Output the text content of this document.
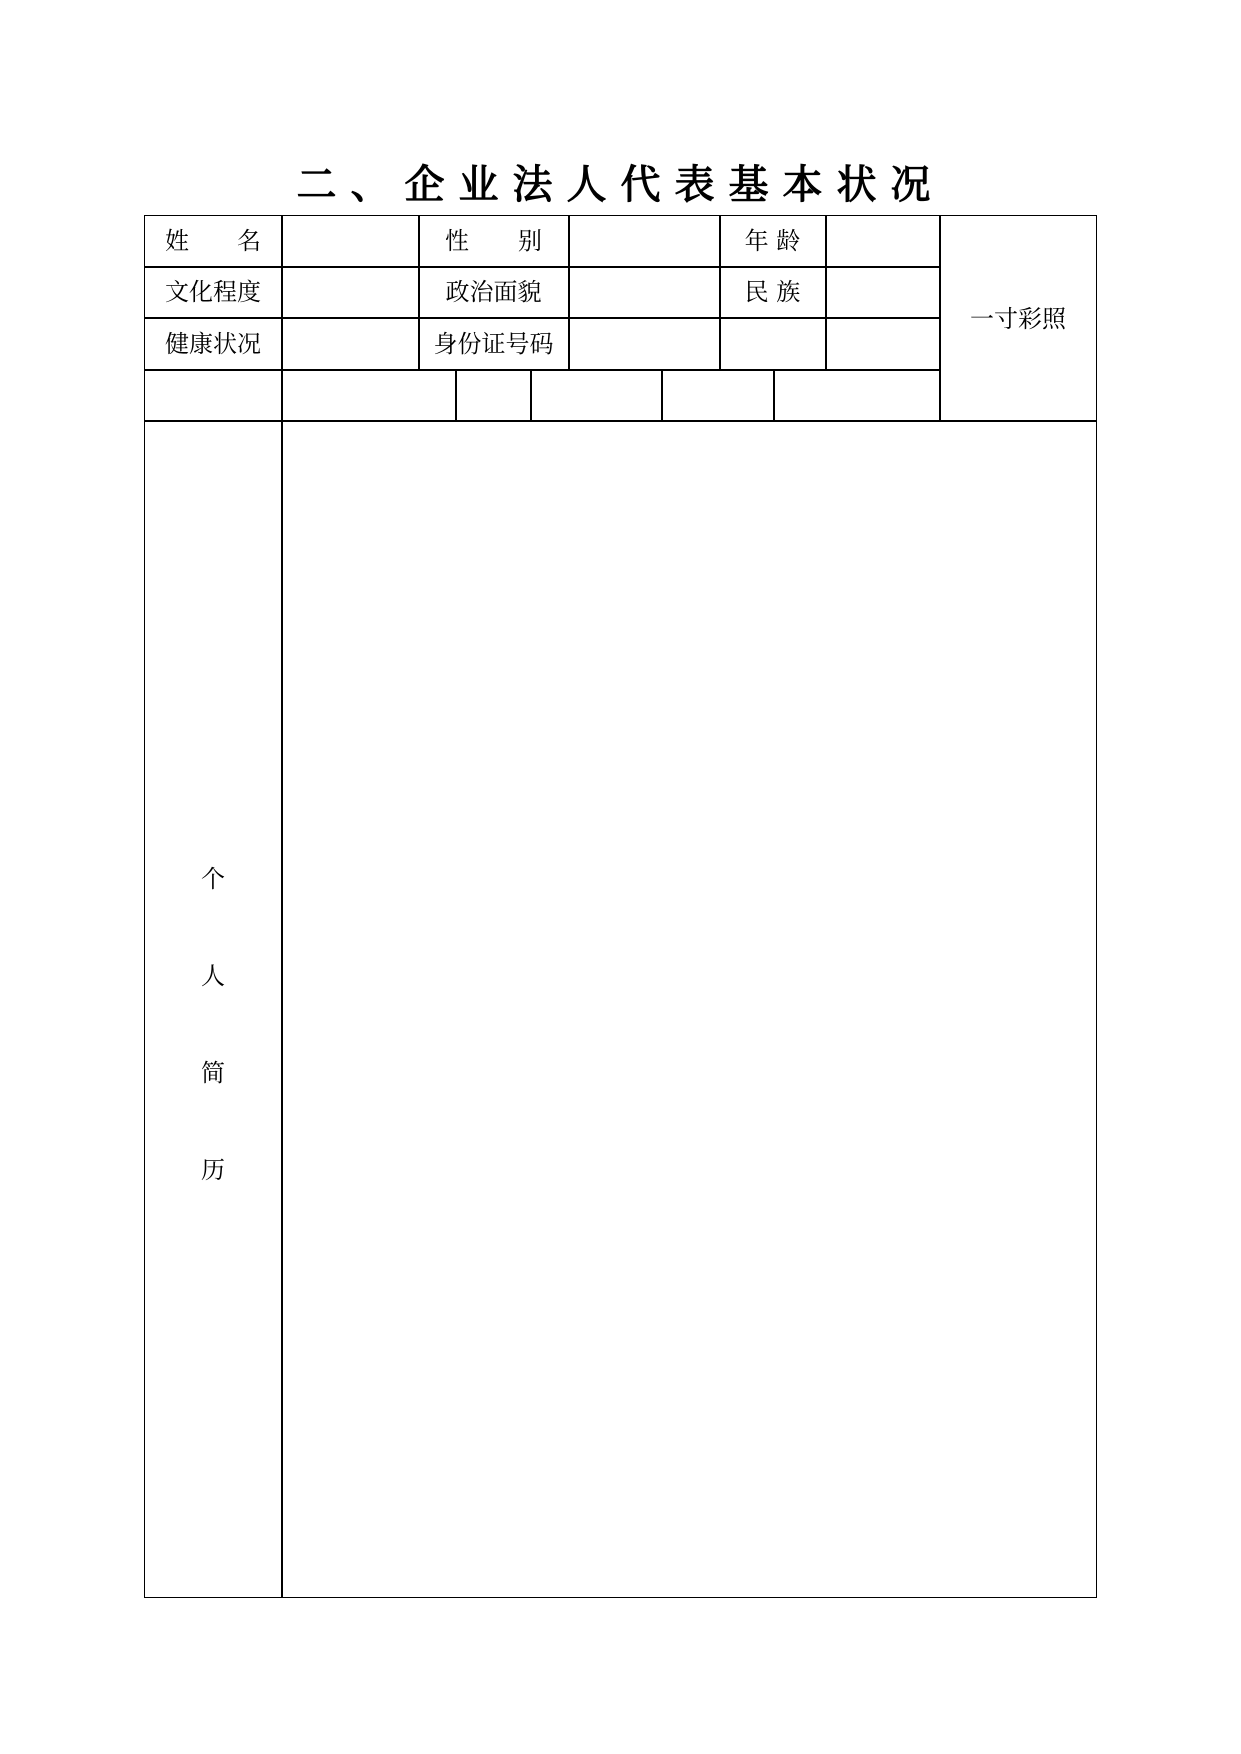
二、企业法人代表基本状况
姓 名	性 别	年 龄
文化程度	政治面貌	民 族
健康状况	身份证号码
一寸彩照
个
人
简
历
